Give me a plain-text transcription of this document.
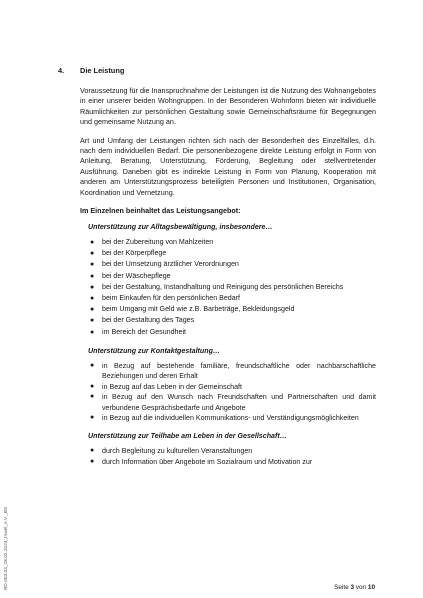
RD.003.03_28.02.2024_Inwel_e.V._BS
4.	Die Leistung

Voraussetzung für die Inanspruchnahme der Leistungen ist die Nutzung des Wohnangebotes in einer unserer beiden Wohngruppen. In der Besonderen Wohnform bieten wir individuelle Räumlichkeiten zur persönlichen Gestaltung sowie Gemeinschaftsräume für Begegnungen und gemeinsame Nutzung an.

Art und Umfang der Leistungen richten sich nach der Besonderheit des Einzelfalles, d.h. nach dem individuellen Bedarf. Die personenbezogene direkte Leistung erfolgt in Form von Anleitung, Beratung, Unterstützung, Förderung, Begleitung oder stellvertretender Ausführung. Daneben gibt es indirekte Leistung in Form von Planung, Kooperation mit anderen am Unterstützungsprozess beteiligten Personen und Institutionen, Organisation, Koordination und Vernetzung.

Im Einzelnen beinhaltet das Leistungsangebot:
Unterstützung zur Alltagsbewältigung, insbesondere…
● bei der Zubereitung von Mahlzeiten
● bei der Körperpflege
● bei der Umsetzung ärztlicher Verordnungen
● bei der Wäschepflege
● bei der Gestaltung, Instandhaltung und Reinigung des persönlichen Bereichs
● beim Einkaufen für den persönlichen Bedarf
● beim Umgang mit Geld wie z.B. Barbeträge, Bekleidungsgeld
● bei der Gestaltung des Tages
● im Bereich der Gesundheit
Unterstützung zur Kontaktgestaltung…
● in Bezug auf bestehende familiäre, freundschaftliche oder nachbarschaftliche Beziehungen und deren Erhalt
● in Bezug auf das Leben in der Gemeinschaft
● in Bezug auf den Wunsch nach Freundschaften und Partnerschaften und damit verbundene Gesprächsbedarfe und Angebote
● in Bezug auf die individuellen Kommunikations- und Verständigungsmöglichkeiten
Unterstützung zur Teilhabe am Leben in der Gesellschaft…
● durch Begleitung zu kulturellen Veranstaltungen
● durch Information über Angebote im Sozialraum und Motivation zur
Seite 3 von 10
